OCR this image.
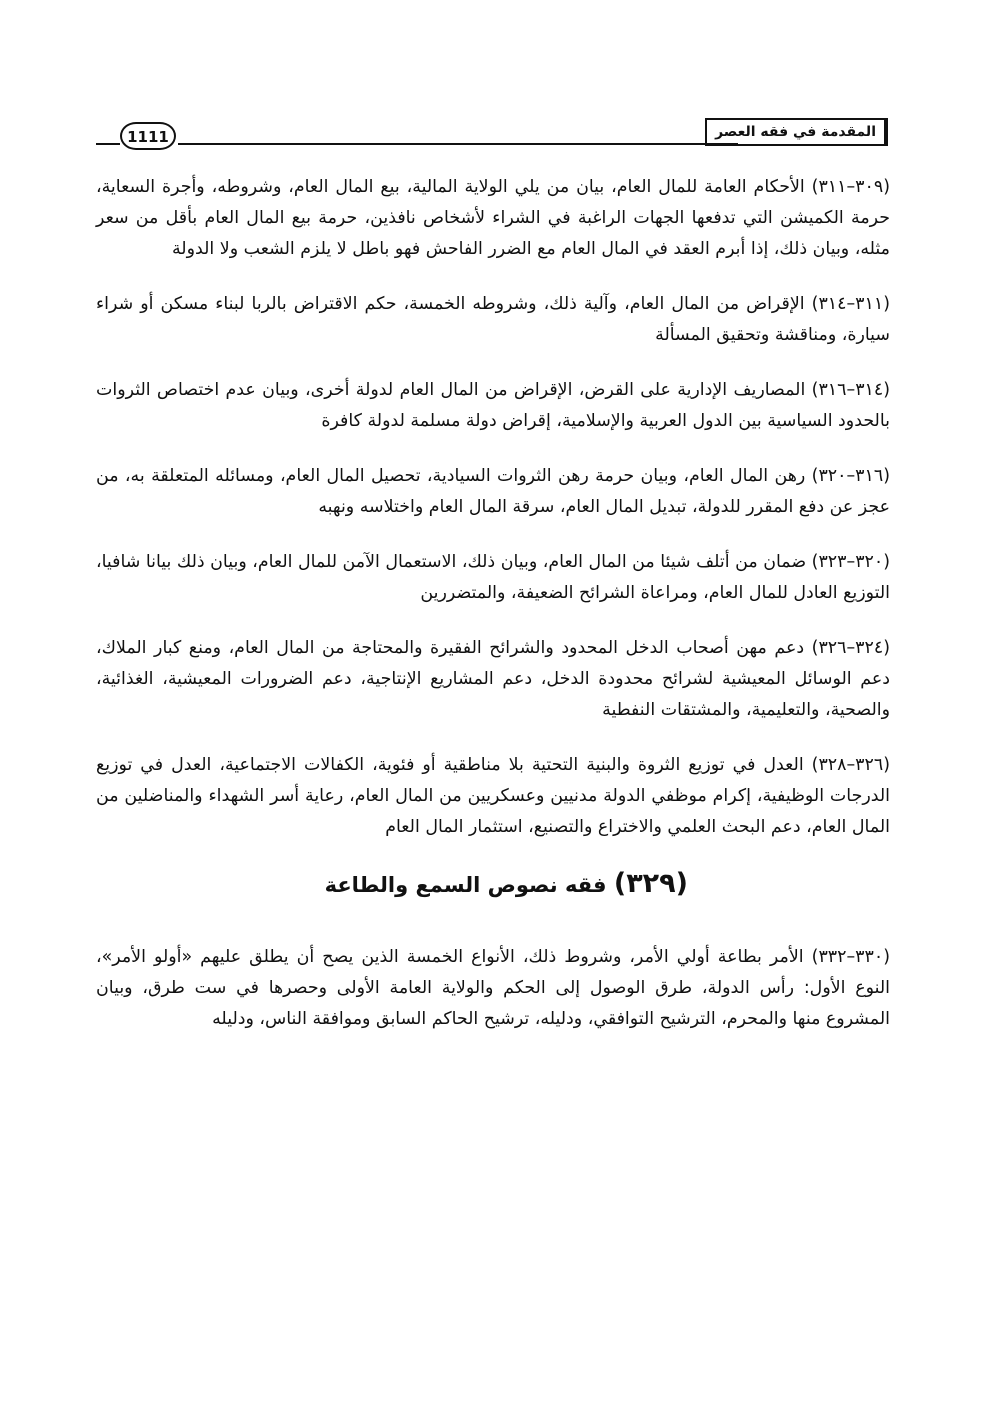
المقدمة في فقه العصر
1111

(٣٠٩–٣١١) الأحكام العامة للمال العام، بيان من يلي الولاية المالية، بيع المال العام، وشروطه، وأجرة السعاية، حرمة الكميشن التي تدفعها الجهات الراغبة في الشراء لأشخاص نافذين، حرمة بيع المال العام بأقل من سعر مثله، وبيان ذلك، إذا أبرم العقد في المال العام مع الضرر الفاحش فهو باطل لا يلزم الشعب ولا الدولة

(٣١١–٣١٤) الإقراض من المال العام، وآلية ذلك، وشروطه الخمسة، حكم الاقتراض بالربا لبناء مسكن أو شراء سيارة، ومناقشة وتحقيق المسألة

(٣١٤–٣١٦) المصاريف الإدارية على القرض، الإقراض من المال العام لدولة أخرى، وبيان عدم اختصاص الثروات بالحدود السياسية بين الدول العربية والإسلامية، إقراض دولة مسلمة لدولة كافرة

(٣١٦–٣٢٠) رهن المال العام، وبيان حرمة رهن الثروات السيادية، تحصيل المال العام، ومسائله المتعلقة به، من عجز عن دفع المقرر للدولة، تبديل المال العام، سرقة المال العام واختلاسه ونهبه

(٣٢٠–٣٢٣) ضمان من أتلف شيئا من المال العام، وبيان ذلك، الاستعمال الآمن للمال العام، وبيان ذلك بيانا شافيا، التوزيع العادل للمال العام، ومراعاة الشرائح الضعيفة، والمتضررين

(٣٢٤–٣٢٦) دعم مهن أصحاب الدخل المحدود والشرائح الفقيرة والمحتاجة من المال العام، ومنع كبار الملاك، دعم الوسائل المعيشية لشرائح محدودة الدخل، دعم المشاريع الإنتاجية، دعم الضرورات المعيشية، الغذائية، والصحية، والتعليمية، والمشتقات النفطية

(٣٢٦–٣٢٨) العدل في توزيع الثروة والبنية التحتية بلا مناطقية أو فئوية، الكفالات الاجتماعية، العدل في توزيع الدرجات الوظيفية، إكرام موظفي الدولة مدنيين وعسكريين من المال العام، رعاية أسر الشهداء والمناضلين من المال العام، دعم البحث العلمي والاختراع والتصنيع، استثمار المال العام

(٣٢٩) فقه نصوص السمع والطاعة

(٣٣٠–٣٣٢) الأمر بطاعة أولي الأمر، وشروط ذلك، الأنواع الخمسة الذين يصح أن يطلق عليهم «أولو الأمر»، النوع الأول: رأس الدولة، طرق الوصول إلى الحكم والولاية العامة الأولى وحصرها في ست طرق، وبيان المشروع منها والمحرم، الترشيح التوافقي، ودليله، ترشيح الحاكم السابق وموافقة الناس، ودليله
